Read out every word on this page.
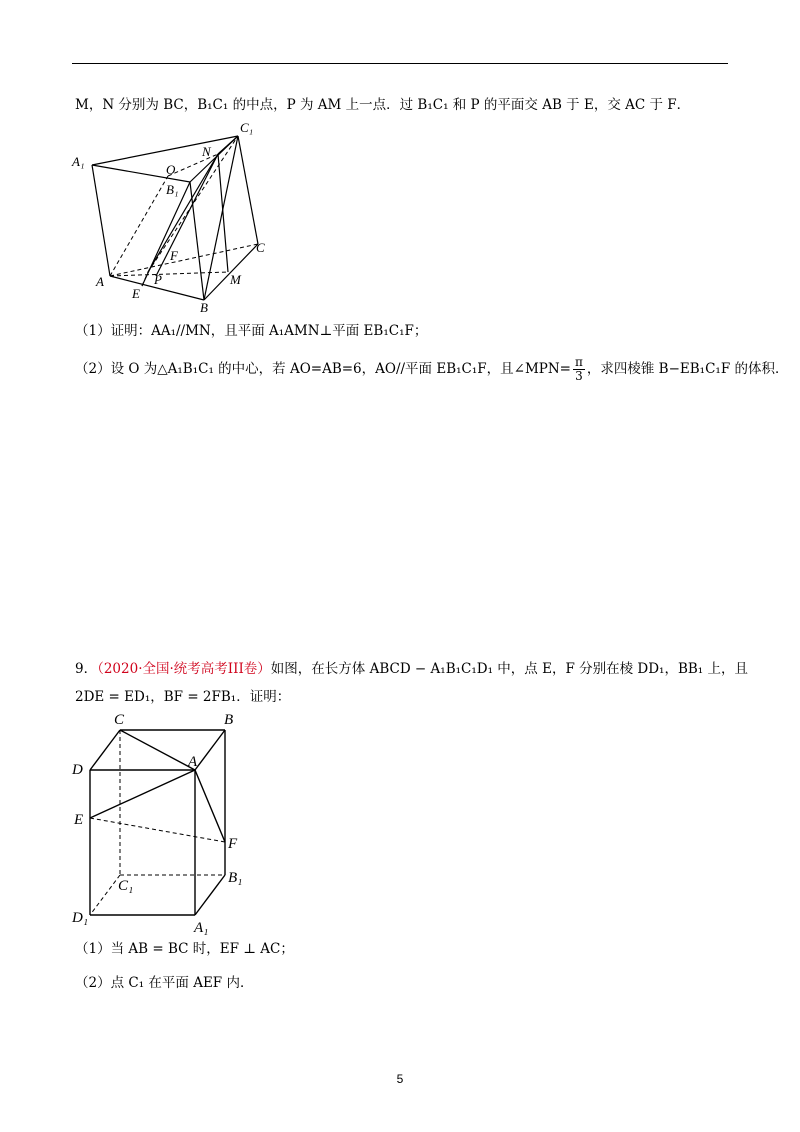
M，N 分别为 BC，B₁C₁ 的中点，P 为 AM 上一点．过 B₁C₁ 和 P 的平面交 AB 于 E，交 AC 于 F．
A₁
C₁
N
O
B₁
C
F
A	P	M
E
B
（1）证明：AA₁//MN，且平面 A₁AMN⊥平面 EB₁C₁F；
（2）设 O 为△A₁B₁C₁ 的中心，若 AO=AB=6，AO//平面 EB₁C₁F，且∠MPN= $\frac{\pi}{3}$ ，求四棱锥 B−EB₁C₁F 的体积．
9．（2020·全国·统考高考III卷）如图，在长方体 ABCD − A₁B₁C₁D₁ 中，点 E，F 分别在棱 DD₁，BB₁ 上，且
2DE = ED₁，BF = 2FB₁．证明：
C	B
D	A
E
F
C₁	B₁
D₁
A₁
（1）当 AB = BC 时，EF ⊥ AC；
（2）点 C₁ 在平面 AEF 内．
5
